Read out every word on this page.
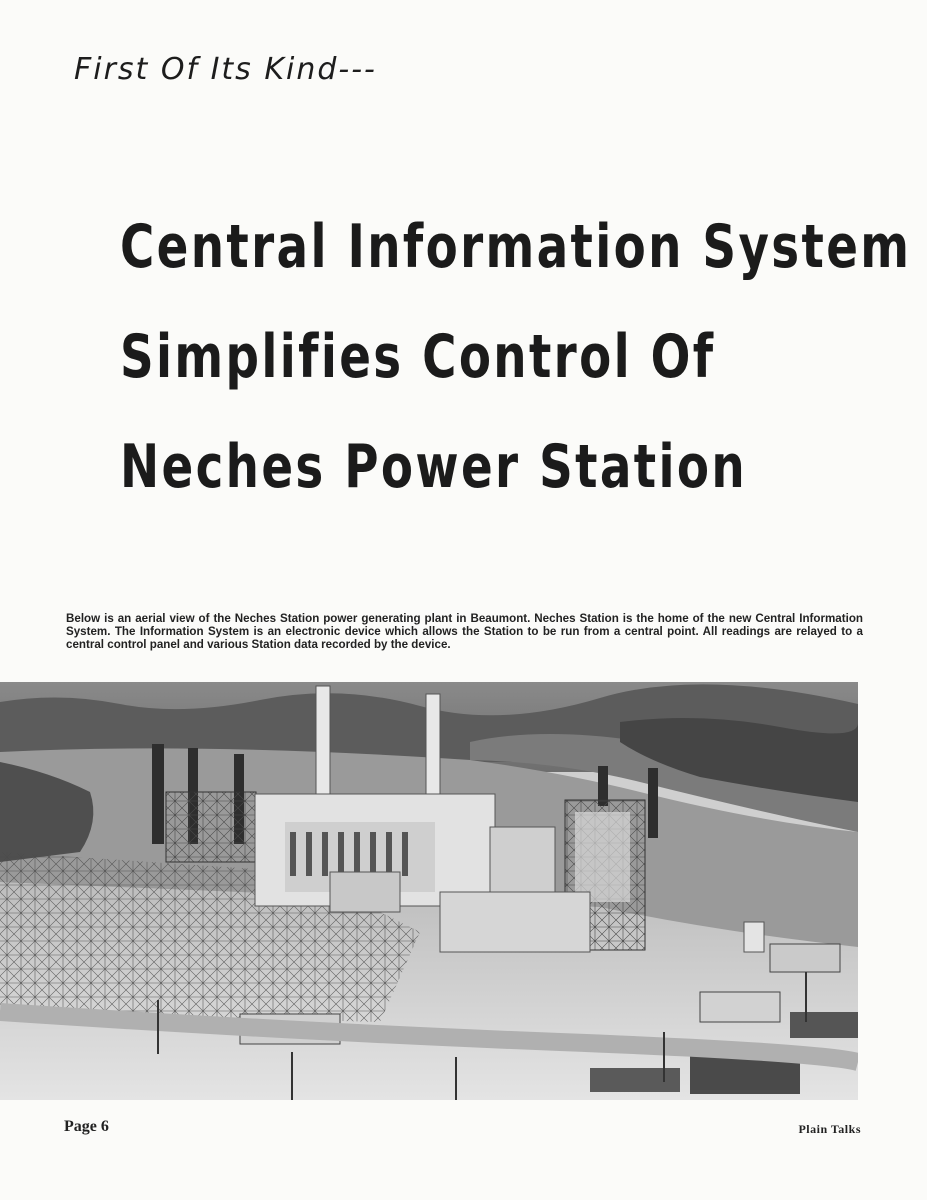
First Of Its Kind---
Central Information System
Simplifies Control Of
Neches Power Station

Below is an aerial view of the Neches Station power generating plant in Beaumont. Neches Station is the home of the new Central Information System. The Information System is an electronic device which allows the Station to be run from a central point. All readings are relayed to a central control panel and various Station data recorded by the device.

Page 6	Plain Talks
